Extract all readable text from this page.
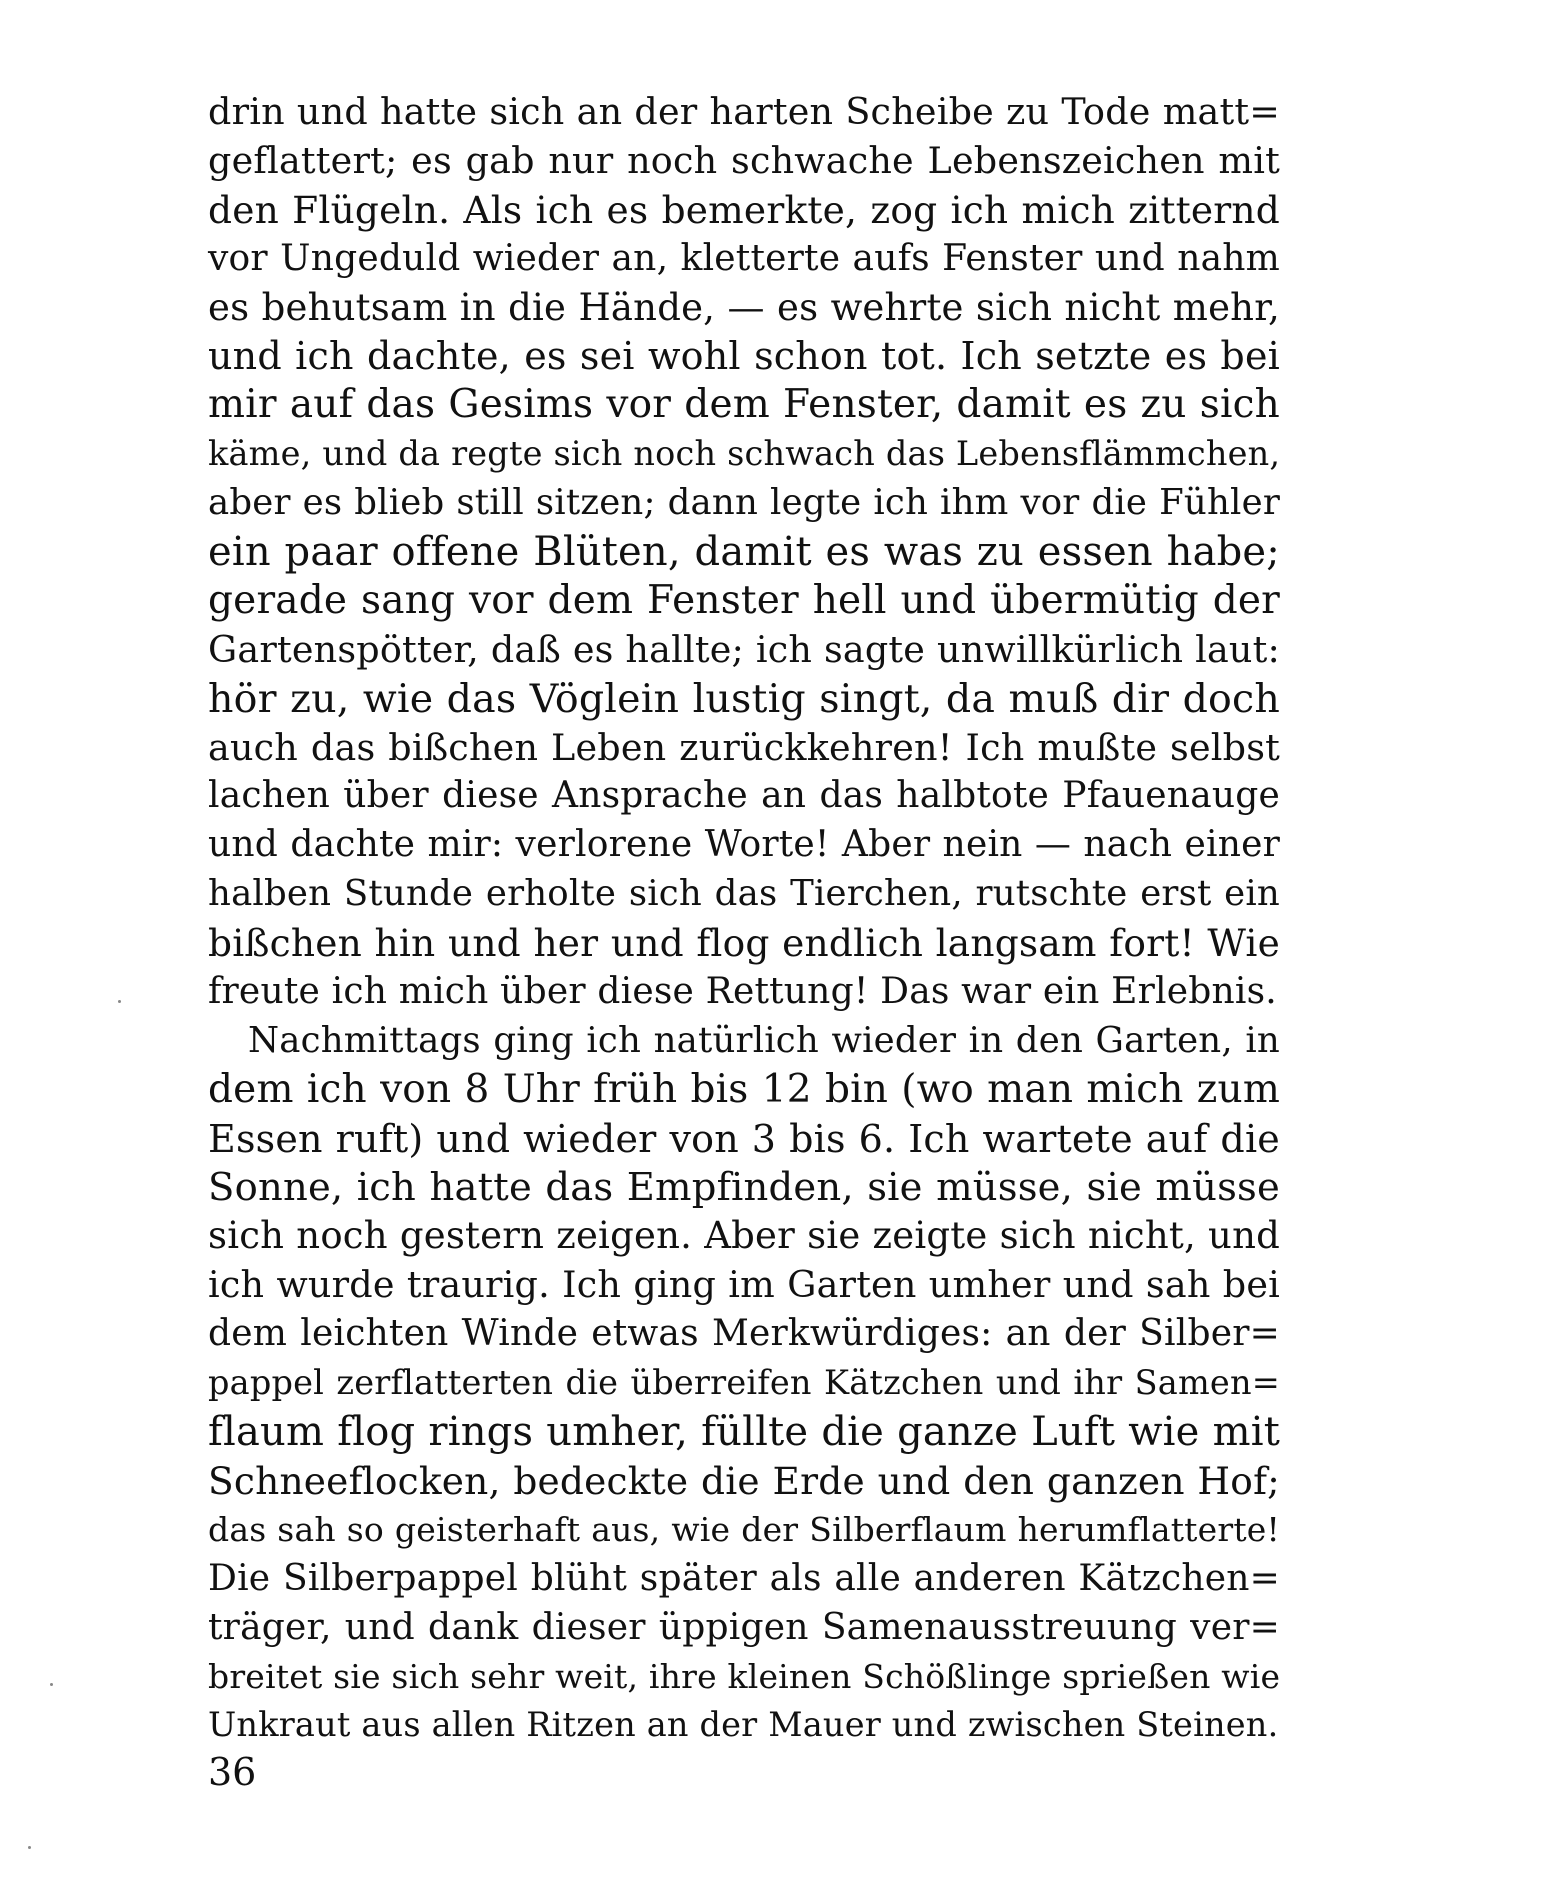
drin und hatte sich an der harten Scheibe zu Tode matt=
geflattert; es gab nur noch schwache Lebenszeichen mit
den Flügeln. Als ich es bemerkte, zog ich mich zitternd
vor Ungeduld wieder an, kletterte aufs Fenster und nahm
es behutsam in die Hände, — es wehrte sich nicht mehr,
und ich dachte, es sei wohl schon tot. Ich setzte es bei
mir auf das Gesims vor dem Fenster, damit es zu sich
käme, und da regte sich noch schwach das Lebensflämmchen,
aber es blieb still sitzen; dann legte ich ihm vor die Fühler
ein paar offene Blüten, damit es was zu essen habe;
gerade sang vor dem Fenster hell und übermütig der
Gartenspötter, daß es hallte; ich sagte unwillkürlich laut:
hör zu, wie das Vöglein lustig singt, da muß dir doch
auch das bißchen Leben zurückkehren! Ich mußte selbst
lachen über diese Ansprache an das halbtote Pfauenauge
und dachte mir: verlorene Worte! Aber nein — nach einer
halben Stunde erholte sich das Tierchen, rutschte erst ein
bißchen hin und her und flog endlich langsam fort! Wie
freute ich mich über diese Rettung! Das war ein Erlebnis.
Nachmittags ging ich natürlich wieder in den Garten, in
dem ich von 8 Uhr früh bis 12 bin (wo man mich zum
Essen ruft) und wieder von 3 bis 6. Ich wartete auf die
Sonne, ich hatte das Empfinden, sie müsse, sie müsse
sich noch gestern zeigen. Aber sie zeigte sich nicht, und
ich wurde traurig. Ich ging im Garten umher und sah bei
dem leichten Winde etwas Merkwürdiges: an der Silber=
pappel zerflatterten die überreifen Kätzchen und ihr Samen=
flaum flog rings umher, füllte die ganze Luft wie mit
Schneeflocken, bedeckte die Erde und den ganzen Hof;
das sah so geisterhaft aus, wie der Silberflaum herumflatterte!
Die Silberpappel blüht später als alle anderen Kätzchen=
träger, und dank dieser üppigen Samenausstreuung ver=
breitet sie sich sehr weit, ihre kleinen Schößlinge sprießen wie
Unkraut aus allen Ritzen an der Mauer und zwischen Steinen.
36
